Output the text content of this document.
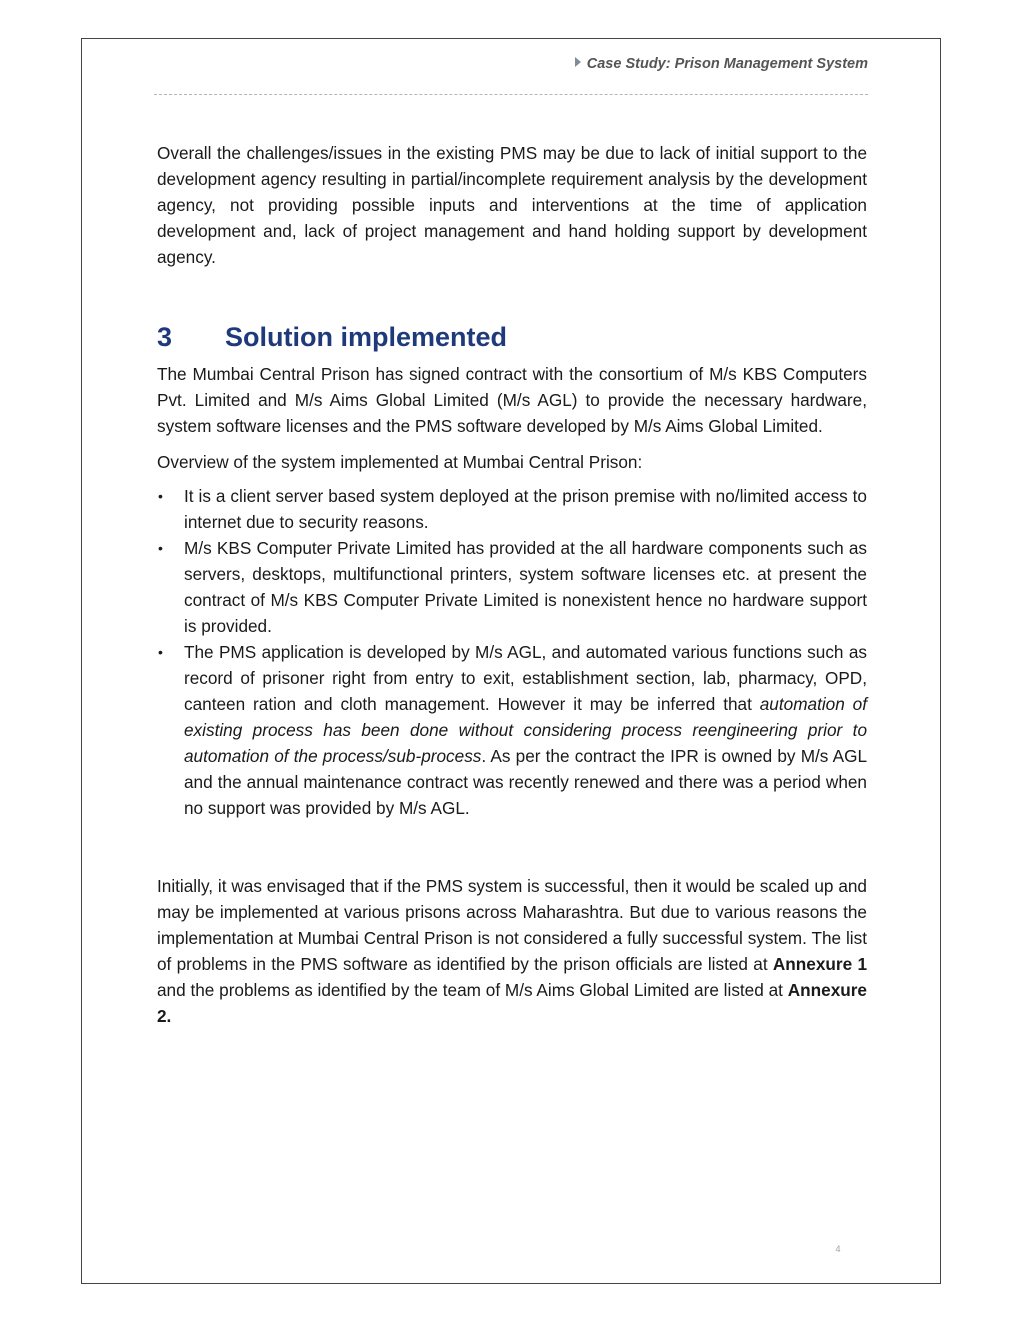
Case Study: Prison Management System

Overall the challenges/issues in the existing PMS may be due to lack of initial support to the development agency resulting in partial/incomplete requirement analysis by the development agency, not providing possible inputs and interventions at the time of application development and, lack of project management and hand holding support by development agency.

3	Solution implemented

The Mumbai Central Prison has signed contract with the consortium of M/s KBS Computers Pvt. Limited and M/s Aims Global Limited (M/s AGL) to provide the necessary hardware, system software licenses and the PMS software developed by M/s Aims Global Limited.

Overview of the system implemented at Mumbai Central Prison:

• It is a client server based system deployed at the prison premise with no/limited access to internet due to security reasons.
• M/s KBS Computer Private Limited has provided at the all hardware components such as servers, desktops, multifunctional printers, system software licenses etc. at present the contract of M/s KBS Computer Private Limited is nonexistent hence no hardware support is provided.
• The PMS application is developed by M/s AGL, and automated various functions such as record of prisoner right from entry to exit, establishment section, lab, pharmacy, OPD, canteen ration and cloth management. However it may be inferred that automation of existing process has been done without considering process reengineering prior to automation of the process/sub-process. As per the contract the IPR is owned by M/s AGL and the annual maintenance contract was recently renewed and there was a period when no support was provided by M/s AGL.

Initially, it was envisaged that if the PMS system is successful, then it would be scaled up and may be implemented at various prisons across Maharashtra. But due to various reasons the implementation at Mumbai Central Prison is not considered a fully successful system. The list of problems in the PMS software as identified by the prison officials are listed at Annexure 1 and the problems as identified by the team of M/s Aims Global Limited are listed at Annexure 2.

4
